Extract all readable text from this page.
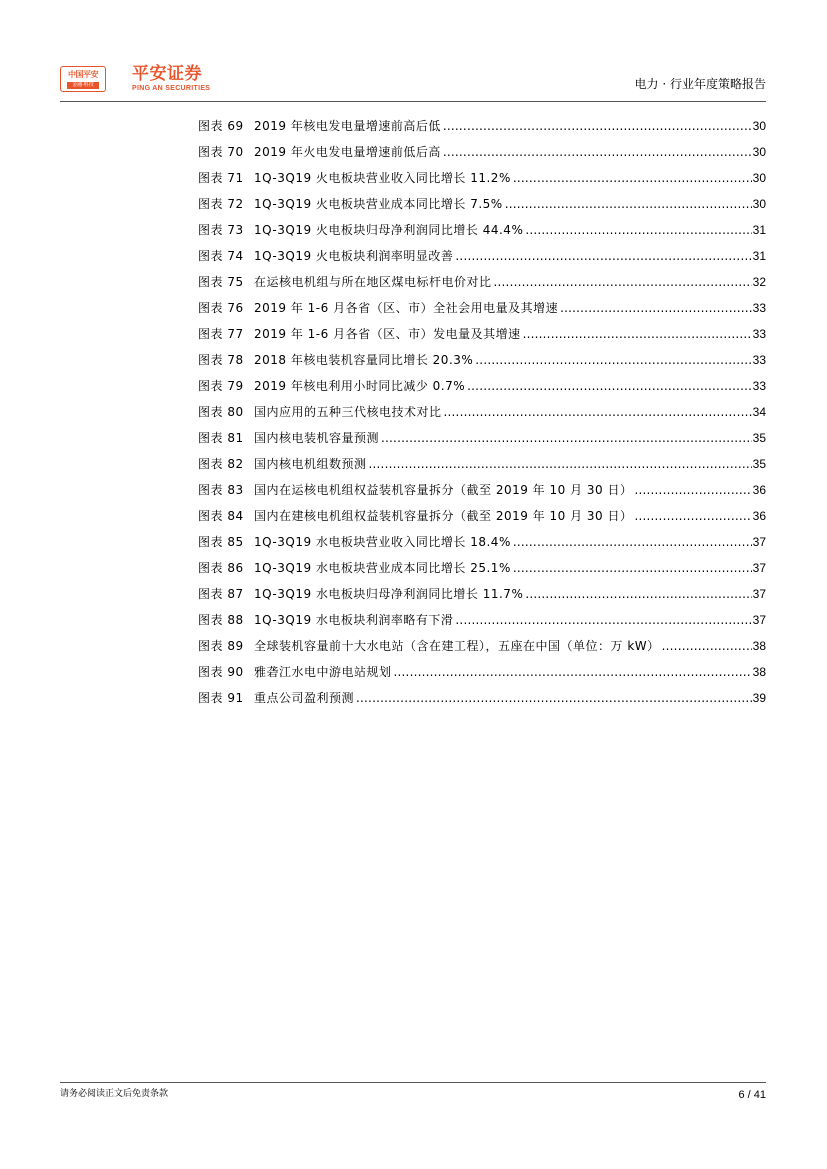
中国平安
金融·科技
平安证券
PING AN SECURITIES	电力 · 行业年度策略报告
图表 69 2019 年核电发电量增速前高后低 .....	30
图表 70 2019 年火电发电量增速前低后高 .....	30
图表 71 1Q-3Q19 火电板块营业收入同比增长 11.2% .....	30
图表 72 1Q-3Q19 火电板块营业成本同比增长 7.5% .....	30
图表 73 1Q-3Q19 火电板块归母净利润同比增长 44.4% .....	31
图表 74 1Q-3Q19 火电板块利润率明显改善 .....	31
图表 75 在运核电机组与所在地区煤电标杆电价对比 .....	32
图表 76 2019 年 1-6 月各省（区、市）全社会用电量及其增速 .....	33
图表 77 2019 年 1-6 月各省（区、市）发电量及其增速 .....	33
图表 78 2018 年核电装机容量同比增长 20.3% .....	33
图表 79 2019 年核电利用小时同比减少 0.7% .....	33
图表 80 国内应用的五种三代核电技术对比 .....	34
图表 81 国内核电装机容量预测 .....	35
图表 82 国内核电机组数预测 .....	35
图表 83 国内在运核电机组权益装机容量拆分（截至 2019 年 10 月 30 日） .....	36
图表 84 国内在建核电机组权益装机容量拆分（截至 2019 年 10 月 30 日） .....	36
图表 85 1Q-3Q19 水电板块营业收入同比增长 18.4% .....	37
图表 86 1Q-3Q19 水电板块营业成本同比增长 25.1% .....	37
图表 87 1Q-3Q19 水电板块归母净利润同比增长 11.7% .....	37
图表 88 1Q-3Q19 水电板块利润率略有下滑 .....	37
图表 89 全球装机容量前十大水电站（含在建工程），五座在中国（单位：万 kW） .....	38
图表 90 雅砻江水电中游电站规划 .....	38
图表 91 重点公司盈利预测 .....	39
请务必阅读正文后免责条款	6 / 41
